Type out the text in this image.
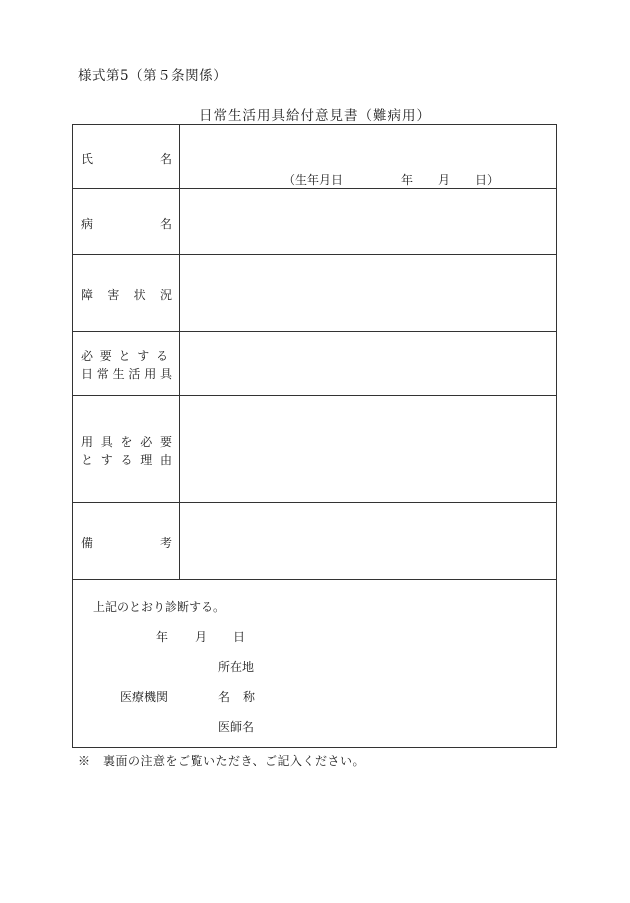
様式第5（第５条関係）
日常生活用具給付意見書（難病用）
氏	名
（生年月日	年 月 日）
病	名
障 害 状 況
必 要 と す る
日 常 生 活 用 具
用 具 を 必 要
と す る 理 由
備	考
上記のとおり診断する。
年 月 日
所在地
医療機関	名 称
医師名
※　裏面の注意をご覧いただき、ご記入ください。
